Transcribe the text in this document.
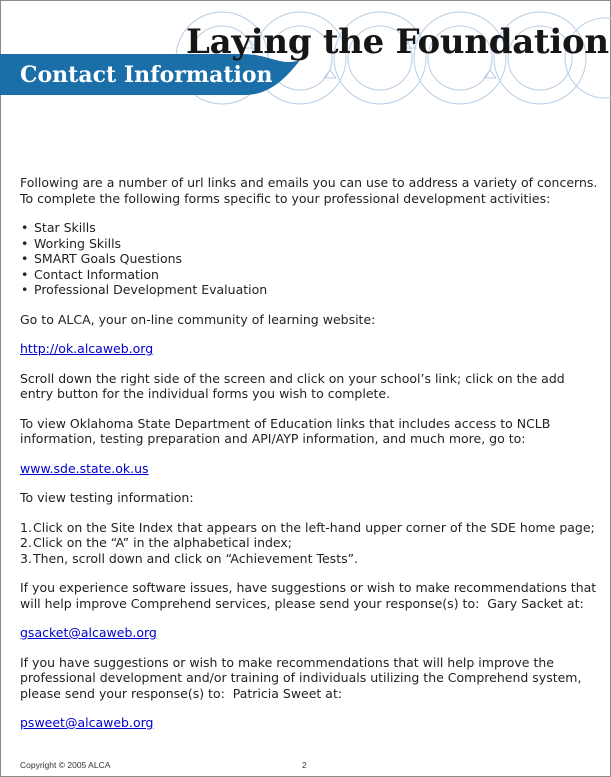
Laying the Foundation
Contact Information

Following are a number of url links and emails you can use to address a variety of concerns. To complete the following forms specific to your professional development activities:

• Star Skills
• Working Skills
• SMART Goals Questions
• Contact Information
• Professional Development Evaluation

Go to ALCA, your on-line community of learning website:

http://ok.alcaweb.org

Scroll down the right side of the screen and click on your school’s link; click on the add entry button for the individual forms you wish to complete.

To view Oklahoma State Department of Education links that includes access to NCLB information, testing preparation and API/AYP information, and much more, go to:

www.sde.state.ok.us

To view testing information:

1. Click on the Site Index that appears on the left-hand upper corner of the SDE home page;
2. Click on the “A” in the alphabetical index;
3. Then, scroll down and click on “Achievement Tests”.

If you experience software issues, have suggestions or wish to make recommendations that will help improve Comprehend services, please send your response(s) to:  Gary Sacket at:

gsacket@alcaweb.org

If you have suggestions or wish to make recommendations that will help improve the professional development and/or training of individuals utilizing the Comprehend system, please send your response(s) to:  Patricia Sweet at:

psweet@alcaweb.org

Copyright © 2005 ALCA	2
